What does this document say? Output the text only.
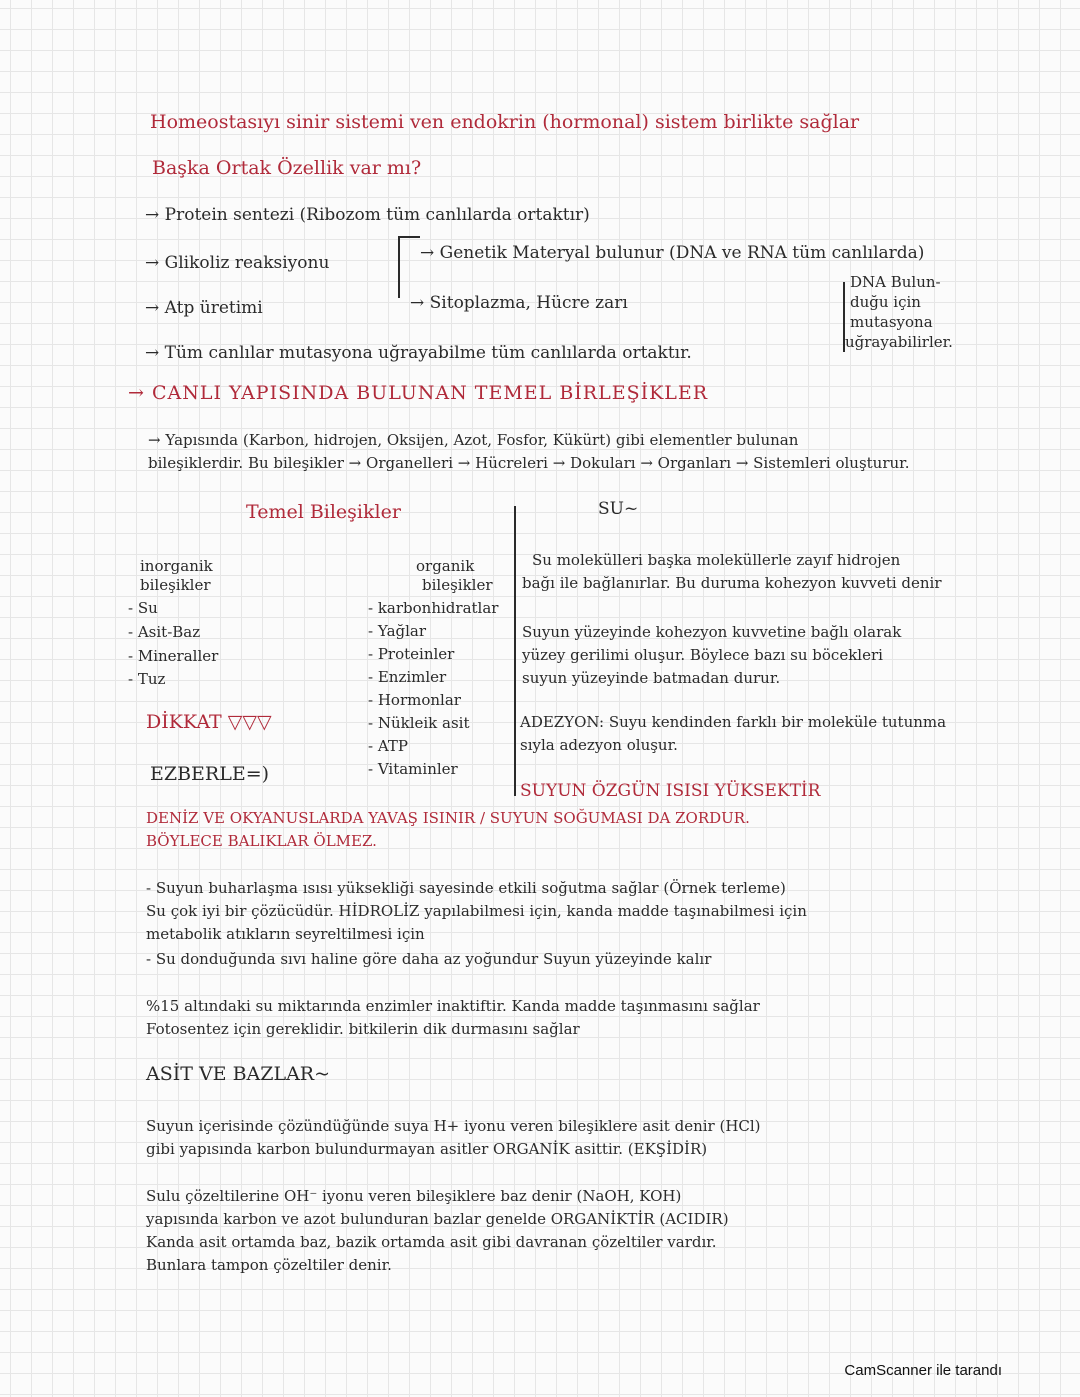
Homeostasıyı sinir sistemi ven endokrin (hormonal) sistem birlikte sağlar
Başka Ortak Özellik var mı?
→ Protein sentezi (Ribozom tüm canlılarda ortaktır)
→ Glikoliz reaksiyonu
→ Atp üretimi
→ Tüm canlılar mutasyona uğrayabilme tüm canlılarda ortaktır.
→ Genetik Materyal bulunur (DNA ve RNA tüm canlılarda)
→ Sitoplazma, Hücre zarı
DNA Bulun-
duğu için
mutasyona
uğrayabilirler.
→ CANLI YAPISINDA BULUNAN TEMEL BİRLEŞİKLER
→ Yapısında (Karbon, hidrojen, Oksijen, Azot, Fosfor, Kükürt) gibi elementler bulunan
bileşiklerdir. Bu bileşikler → Organelleri → Hücreleri → Dokuları → Organları → Sistemleri oluşturur.
Temel Bileşikler	SU~
inorganik
bileşikler
- Su
- Asit-Baz
- Mineraller
- Tuz
organik
bileşikler
- karbonhidratlar
- Yağlar
- Proteinler
- Enzimler
- Hormonlar
- Nükleik asit
- ATP
- Vitaminler
DİKKAT ▽▽▽
EZBERLE=)
Su molekülleri başka moleküllerle zayıf hidrojen
bağı ile bağlanırlar. Bu duruma kohezyon kuvveti denir
Suyun yüzeyinde kohezyon kuvvetine bağlı olarak
yüzey gerilimi oluşur. Böylece bazı su böcekleri
suyun yüzeyinde batmadan durur.
ADEZYON: Suyu kendinden farklı bir moleküle tutunma
sıyla adezyon oluşur.
SUYUN ÖZGÜN ISISI YÜKSEKTİR
DENİZ VE OKYANUSLARDA YAVAŞ ISINIR / SUYUN SOĞUMASI DA ZORDUR.
BÖYLECE BALIKLAR ÖLMEZ.
- Suyun buharlaşma ısısı yüksekliği sayesinde etkili soğutma sağlar (Örnek terleme)
Su çok iyi bir çözücüdür. HİDROLİZ yapılabilmesi için, kanda madde taşınabilmesi için
metabolik atıkların seyreltilmesi için
- Su donduğunda sıvı haline göre daha az yoğundur Suyun yüzeyinde kalır
%15 altındaki su miktarında enzimler inaktiftir. Kanda madde taşınmasını sağlar
Fotosentez için gereklidir. bitkilerin dik durmasını sağlar
ASİT VE BAZLAR~
Suyun içerisinde çözündüğünde suya H+ iyonu veren bileşiklere asit denir (HCl)
gibi yapısında karbon bulundurmayan asitler ORGANİK asittir. (EKŞİDİR)
Sulu çözeltilerine OH⁻ iyonu veren bileşiklere baz denir (NaOH, KOH)
yapısında karbon ve azot bulunduran bazlar genelde ORGANİKTİR (ACIDIR)
Kanda asit ortamda baz, bazik ortamda asit gibi davranan çözeltiler vardır.
Bunlara tampon çözeltiler denir.
CamScanner ile tarandı
